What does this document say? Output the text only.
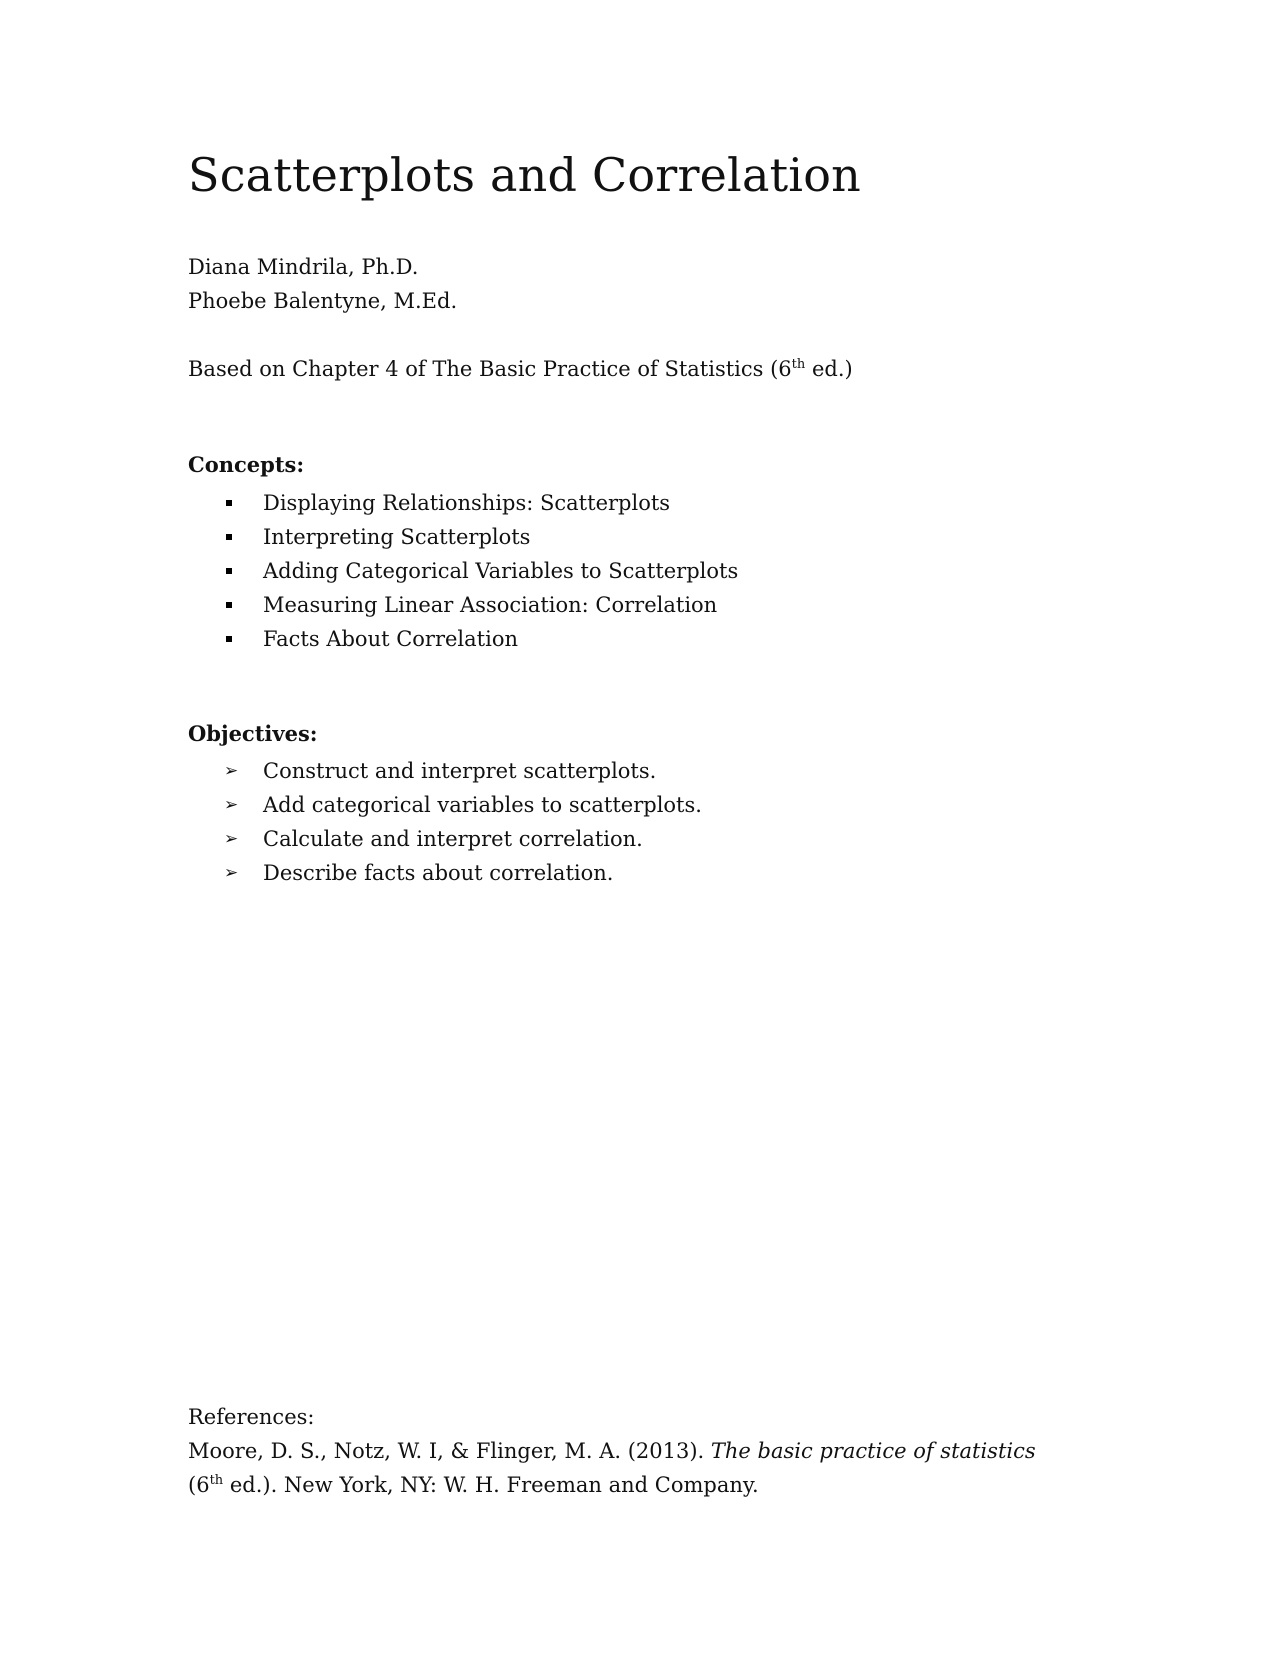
Scatterplots and Correlation
Diana Mindrila, Ph.D.
Phoebe Balentyne, M.Ed.
Based on Chapter 4 of The Basic Practice of Statistics (6th ed.)
Concepts:
Displaying Relationships: Scatterplots
Interpreting Scatterplots
Adding Categorical Variables to Scatterplots
Measuring Linear Association: Correlation
Facts About Correlation
Objectives:
➢ Construct and interpret scatterplots.
➢ Add categorical variables to scatterplots.
➢ Calculate and interpret correlation.
➢ Describe facts about correlation.
References:
Moore, D. S., Notz, W. I, & Flinger, M. A. (2013). The basic practice of statistics (6th ed.). New York, NY: W. H. Freeman and Company.
